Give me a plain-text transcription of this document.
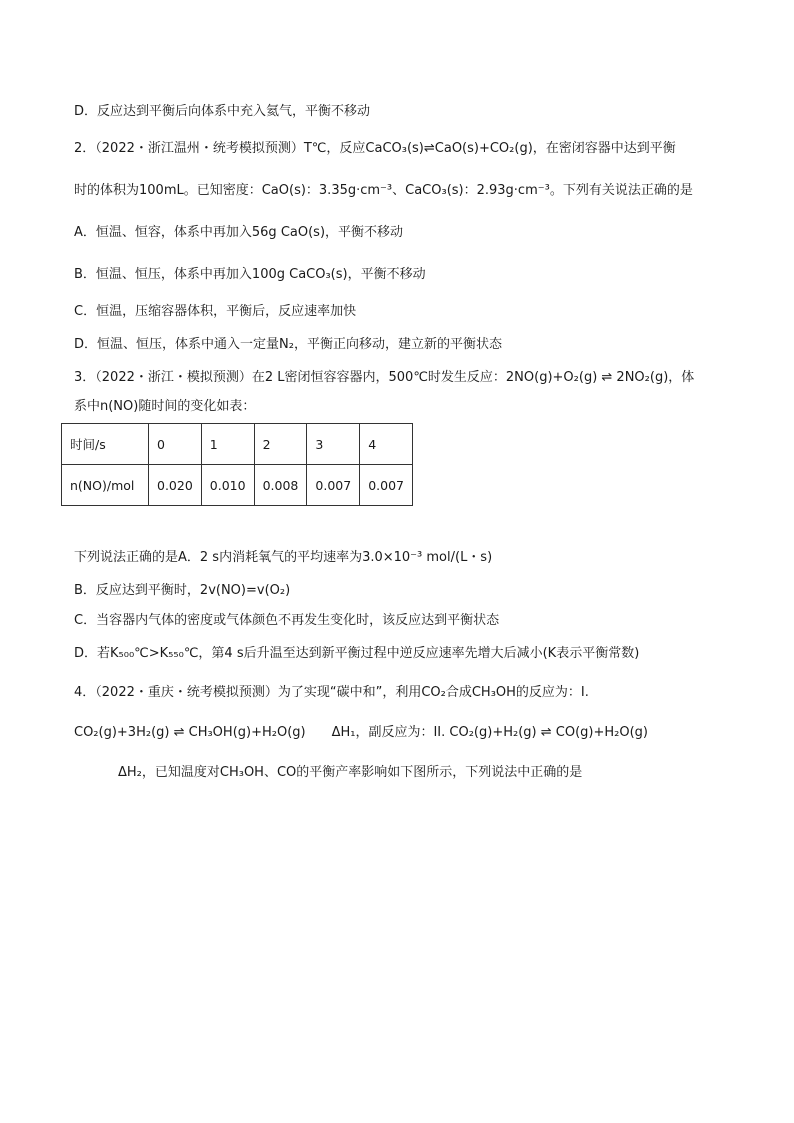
D．反应达到平衡后向体系中充入氦气，平衡不移动
2．（2022・浙江温州・统考模拟预测）T℃，反应CaCO₃(s)⇌CaO(s)+CO₂(g)，在密闭容器中达到平衡
时的体积为100mL。已知密度：CaO(s)：3.35g·cm⁻³、CaCO₃(s)：2.93g·cm⁻³。下列有关说法正确的是
A．恒温、恒容，体系中再加入56g CaO(s)，平衡不移动
B．恒温、恒压，体系中再加入100g CaCO₃(s)，平衡不移动
C．恒温，压缩容器体积，平衡后，反应速率加快
D．恒温、恒压，体系中通入一定量N₂，平衡正向移动，建立新的平衡状态
3．（2022・浙江・模拟预测）在2 L密闭恒容容器内，500℃时发生反应：2NO(g)+O₂(g) ⇌ 2NO₂(g)，体
系中n(NO)随时间的变化如表：
时间/s	0	1	2	3	4
n(NO)/mol	0.020	0.010	0.008	0.007	0.007
下列说法正确的是A．2 s内消耗氧气的平均速率为3.0×10⁻³ mol/(L・s)
B．反应达到平衡时，2v(NO)=v(O₂)
C．当容器内气体的密度或气体颜色不再发生变化时，该反应达到平衡状态
D．若K₅₀₀℃>K₅₅₀℃，第4 s后升温至达到新平衡过程中逆反应速率先增大后减小(K表示平衡常数)
4．（2022・重庆・统考模拟预测）为了实现“碳中和”，利用CO₂合成CH₃OH的反应为：I.
CO₂(g)+3H₂(g) ⇌ CH₃OH(g)+H₂O(g)　　ΔH₁，副反应为：II. CO₂(g)+H₂(g) ⇌ CO(g)+H₂O(g)
ΔH₂，已知温度对CH₃OH、CO的平衡产率影响如下图所示，下列说法中正确的是
